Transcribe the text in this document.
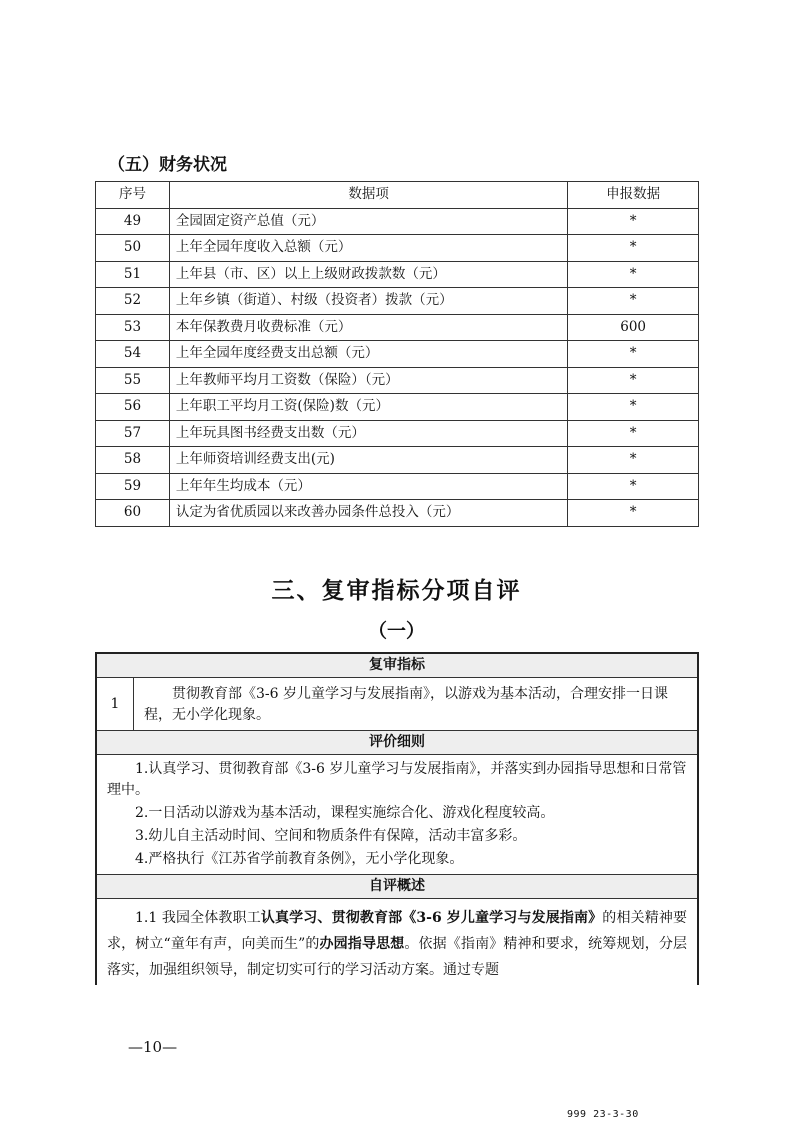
（五）财务状况
序号	数据项	申报数据
49	全园固定资产总值（元）	*
50	上年全园年度收入总额（元）	*
51	上年县（市、区）以上上级财政拨款数（元）	*
52	上年乡镇（街道）、村级（投资者）拨款（元）	*
53	本年保教费月收费标准（元）	600
54	上年全园年度经费支出总额（元）	*
55	上年教师平均月工资数（保险）（元）	*
56	上年职工平均月工资(保险)数（元）	*
57	上年玩具图书经费支出数（元）	*
58	上年师资培训经费支出(元)	*
59	上年年生均成本（元）	*
60	认定为省优质园以来改善办园条件总投入（元）	*
三、复审指标分项自评
（一）
复审指标
1
贯彻教育部《3-6 岁儿童学习与发展指南》，以游戏为基本活动，合理安排一日课程，无小学化现象。
评价细则

1.认真学习、贯彻教育部《3-6 岁儿童学习与发展指南》，并落实到办园指导思想和日常管理中。

2.一日活动以游戏为基本活动，课程实施综合化、游戏化程度较高。

3.幼儿自主活动时间、空间和物质条件有保障，活动丰富多彩。

4.严格执行《江苏省学前教育条例》，无小学化现象。

自评概述
1.1 我园全体教职工认真学习、贯彻教育部《3-6 岁儿童学习与发展指南》的相关精神要求，树立“童年有声，向美而生”的办园指导思想。依据《指南》精神和要求，统筹规划，分层落实，加强组织领导，制定切实可行的学习活动方案。通过专题
—10—
999 23-3-30
